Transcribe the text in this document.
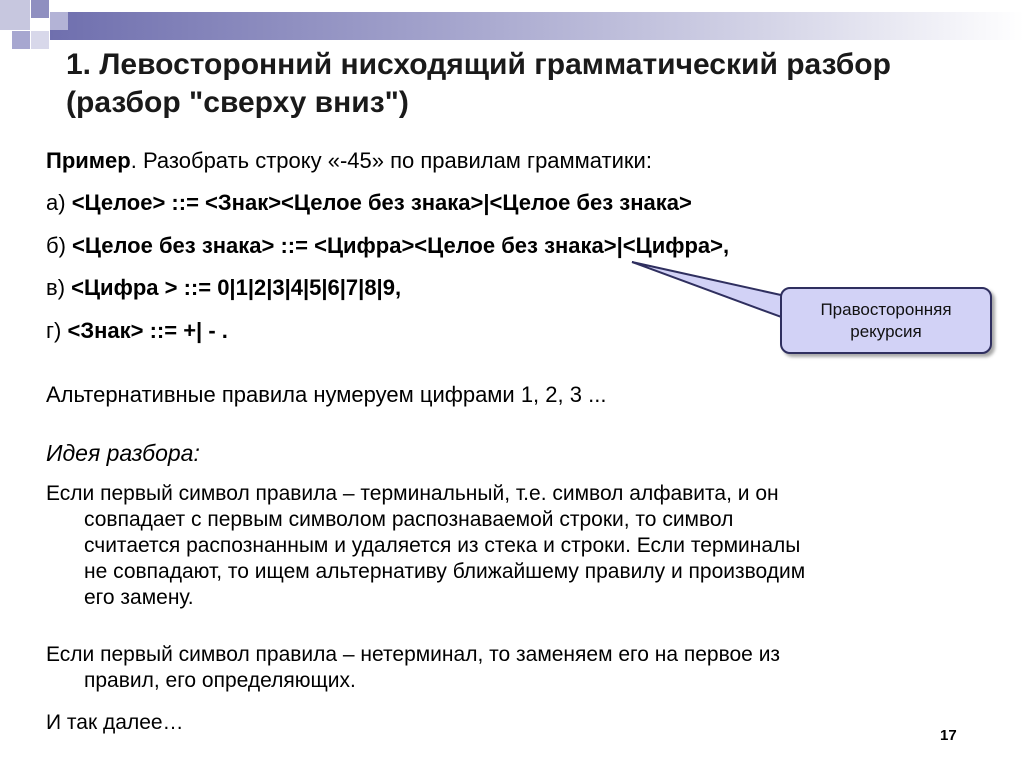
1. Левосторонний нисходящий грамматический разбор
(разбор "сверху вниз")
Пример. Разобрать строку «-45» по правилам грамматики:
а) <Целое> ::= <Знак><Целое без знака>|<Целое без знака>
б) <Целое без знака> ::= <Цифра><Целое без знака>|<Цифра>,
в) <Цифра > ::= 0|1|2|3|4|5|6|7|8|9,
г) <Знак> ::= +| - .
Альтернативные правила нумеруем цифрами 1, 2, 3 ...
Идея разбора:
Если первый символ правила – терминальный, т.е. символ алфавита, и он
совпадает с первым символом распознаваемой строки, то символ
считается распознанным и удаляется из стека и строки. Если терминалы
не совпадают, то ищем альтернативу ближайшему правилу и производим
его замену.
Если первый символ правила – нетерминал, то заменяем его на первое из
правил, его определяющих.
И так далее…
Правосторонняя
рекурсия
17
